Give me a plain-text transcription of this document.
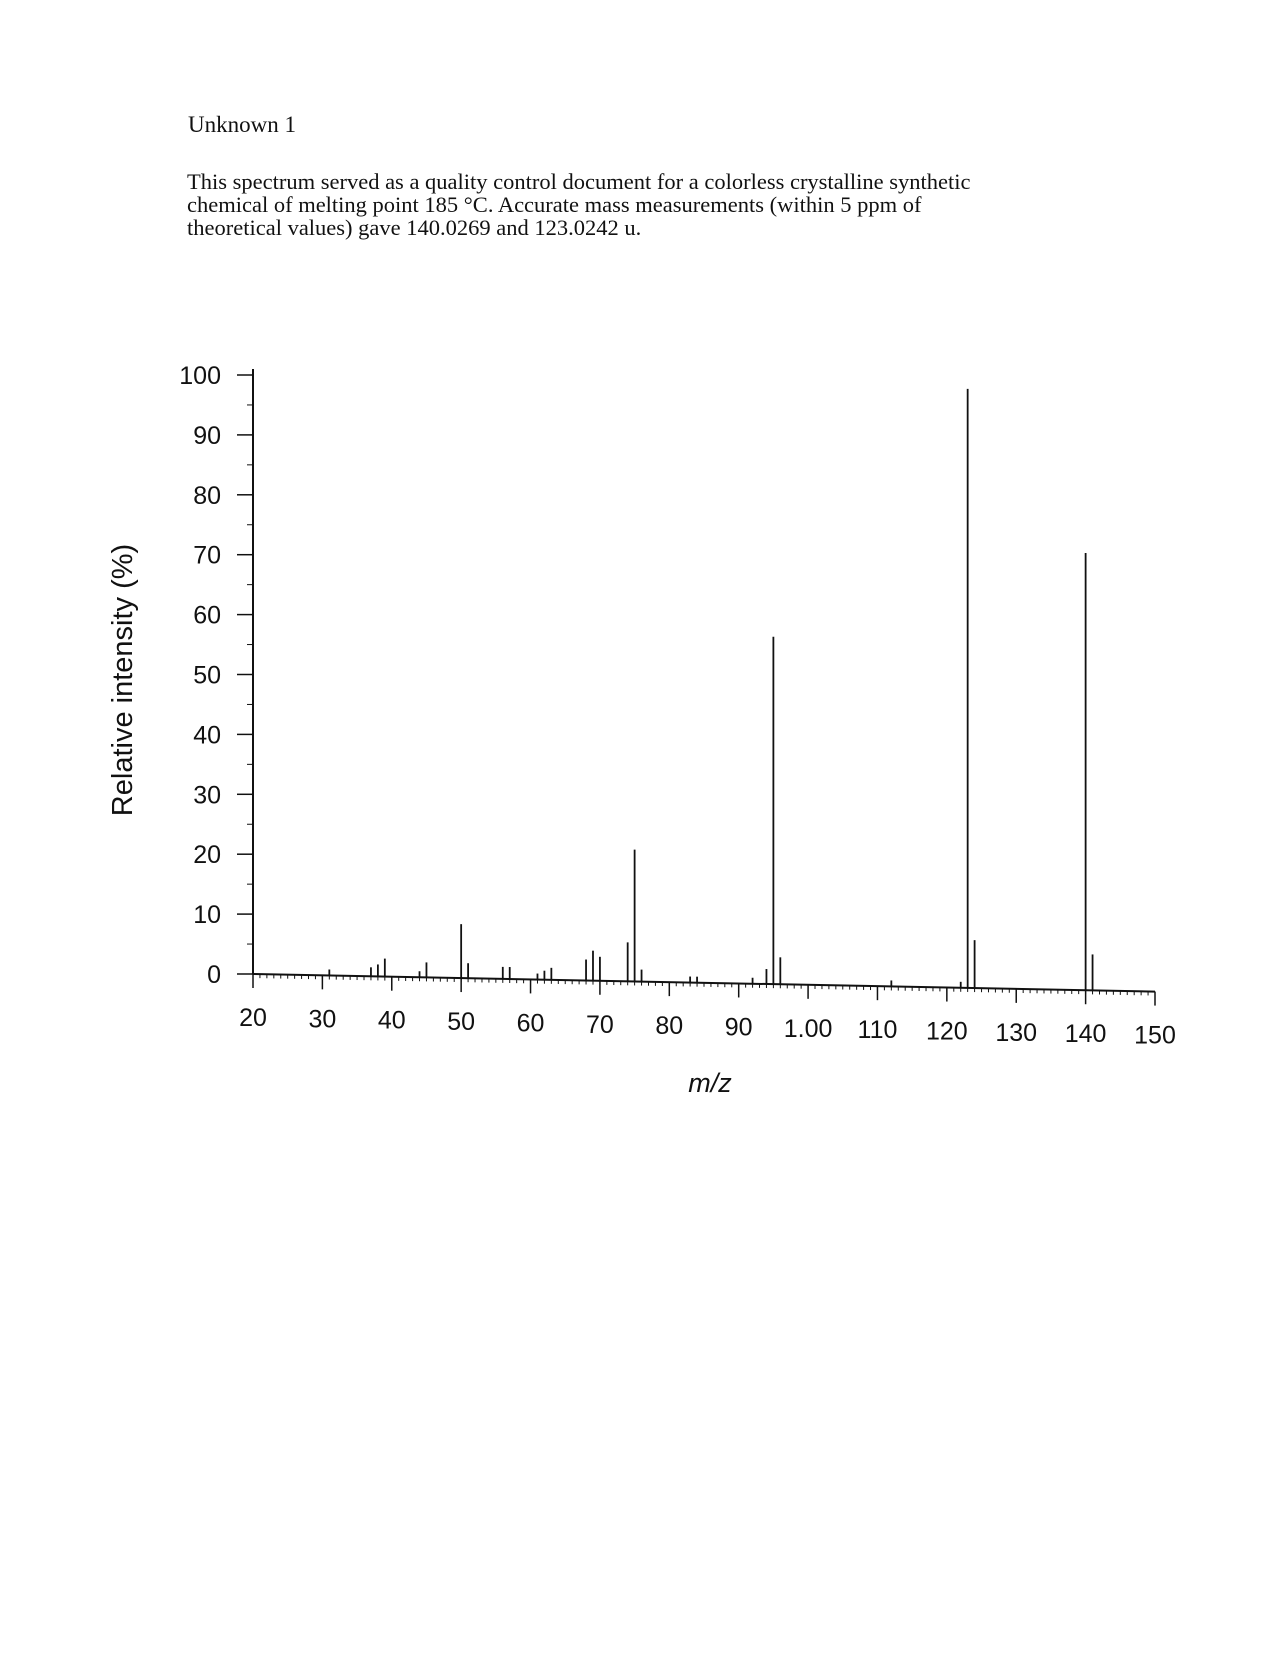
Unknown 1
This spectrum served as a quality control document for a colorless crystalline synthetic
chemical of melting point 185 °C. Accurate mass measurements (within 5 ppm of
theoretical values) gave 140.0269 and 123.0242 u.
20 30 40 50 60 70 80 90 1.00 110 120 130 140 150
0
10
20
30
40
50
60
70
80
90
100
m/z
Relative intensity (%)
